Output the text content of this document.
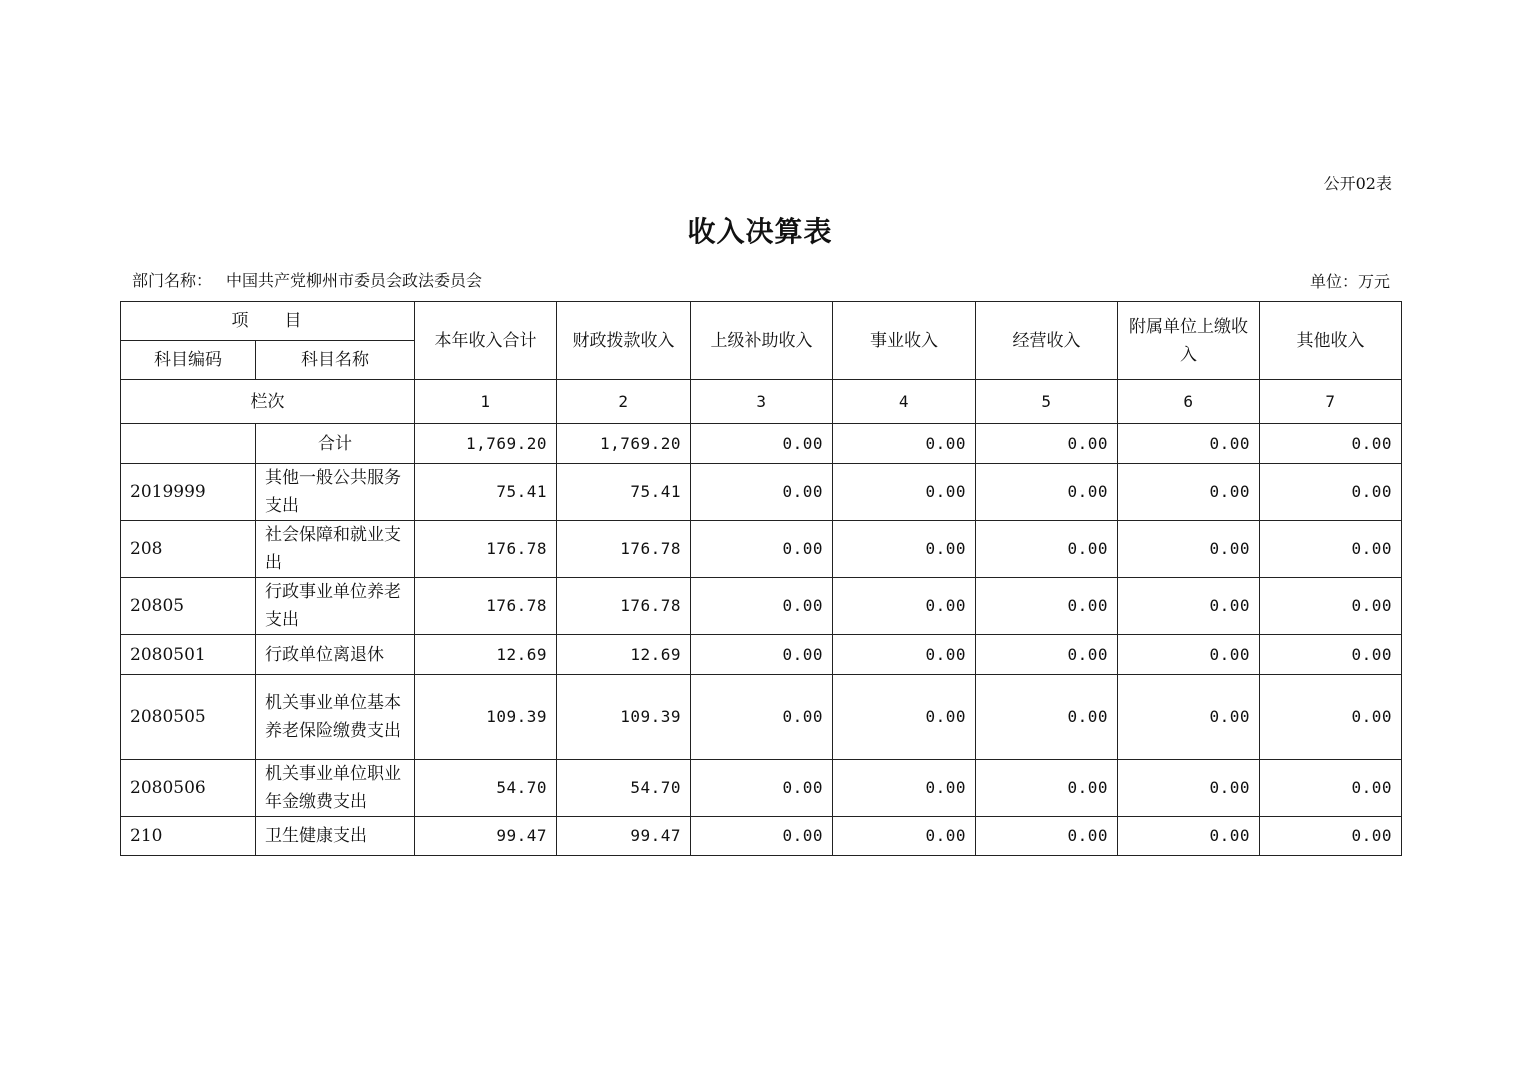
公开02表
收入决算表
部门名称： 中国共产党柳州市委员会政法委员会	单位：万元
项 目		本年收入合计	财政拨款收入	上级补助收入	事业收入	经营收入	附属单位上缴收入	其他收入
科目编码	科目名称							
栏次		1	2	3	4	5	6	7
	合计	1,769.20	1,769.20	0.00	0.00	0.00	0.00	0.00
2019999	其他一般公共服务支出	75.41	75.41	0.00	0.00	0.00	0.00	0.00
208	社会保障和就业支出	176.78	176.78	0.00	0.00	0.00	0.00	0.00
20805	行政事业单位养老支出	176.78	176.78	0.00	0.00	0.00	0.00	0.00
2080501	行政单位离退休	12.69	12.69	0.00	0.00	0.00	0.00	0.00
2080505	机关事业单位基本养老保险缴费支出	109.39	109.39	0.00	0.00	0.00	0.00	0.00
2080506	机关事业单位职业年金缴费支出	54.70	54.70	0.00	0.00	0.00	0.00	0.00
210	卫生健康支出	99.47	99.47	0.00	0.00	0.00	0.00	0.00
